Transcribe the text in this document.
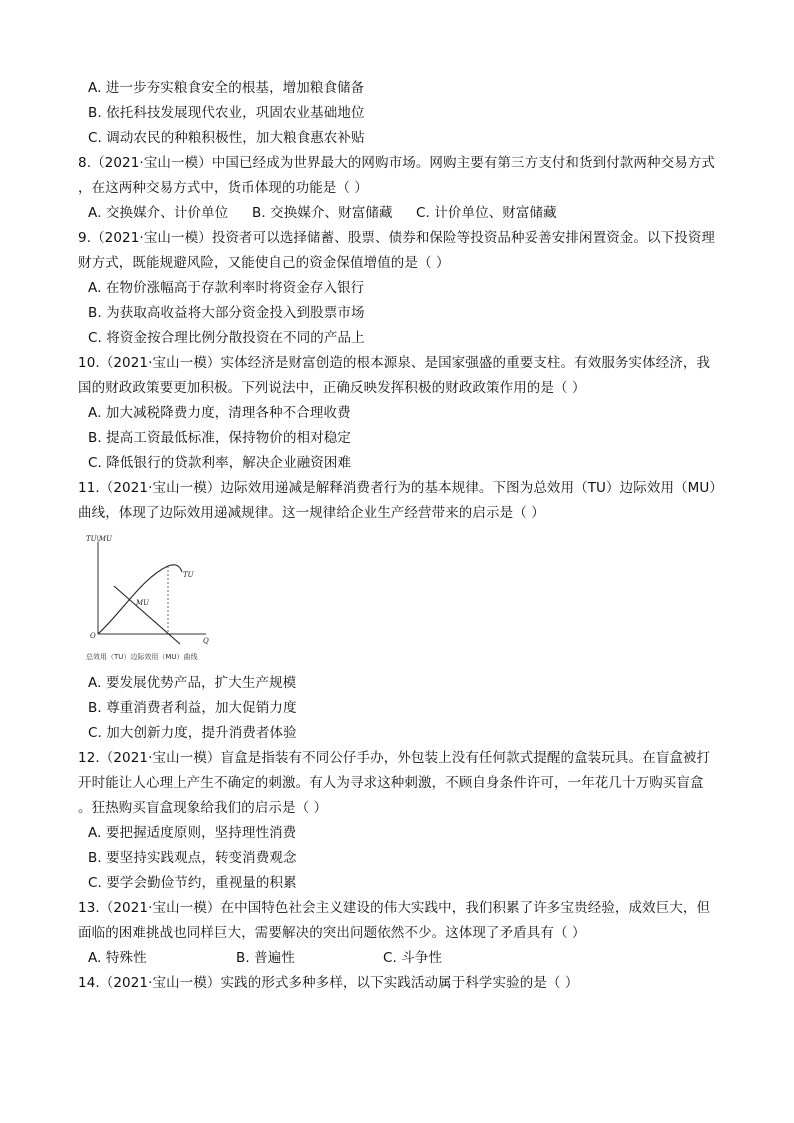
A. 进一步夯实粮食安全的根基，增加粮食储备
B. 依托科技发展现代农业，巩固农业基础地位
C. 调动农民的种粮积极性，加大粮食惠农补贴
8.（2021·宝山一模）中国已经成为世界最大的网购市场。网购主要有第三方支付和货到付款两种交易方式
，在这两种交易方式中，货币体现的功能是（ ）
A. 交换媒介、计价单位 B. 交换媒介、财富储藏 C. 计价单位、财富储藏
9.（2021·宝山一模）投资者可以选择储蓄、股票、债券和保险等投资品种妥善安排闲置资金。以下投资理
财方式，既能规避风险，又能使自己的资金保值增值的是（ ）
A. 在物价涨幅高于存款利率时将资金存入银行
B. 为获取高收益将大部分资金投入到股票市场
C. 将资金按合理比例分散投资在不同的产品上
10.（2021·宝山一模）实体经济是财富创造的根本源泉、是国家强盛的重要支柱。有效服务实体经济，我
国的财政政策要更加积极。下列说法中，正确反映发挥积极的财政政策作用的是（ ）
A. 加大减税降费力度，清理各种不合理收费
B. 提高工资最低标准，保持物价的相对稳定
C. 降低银行的贷款利率，解决企业融资困难
11.（2021·宝山一模）边际效用递减是解释消费者行为的基本规律。下图为总效用（TU）边际效用（MU）
曲线，体现了边际效用递减规律。这一规律给企业生产经营带来的启示是（ ）
TU\MU
TU
MU
O
Q
总效用（TU）边际效用（MU）曲线
A. 要发展优势产品，扩大生产规模
B. 尊重消费者利益，加大促销力度
C. 加大创新力度，提升消费者体验
12.（2021·宝山一模）盲盒是指装有不同公仔手办，外包装上没有任何款式提醒的盒装玩具。在盲盒被打
开时能让人心理上产生不确定的刺激。有人为寻求这种刺激，不顾自身条件许可，一年花几十万购买盲盒
。狂热购买盲盒现象给我们的启示是（ ）
A. 要把握适度原则，坚持理性消费
B. 要坚持实践观点，转变消费观念
C. 要学会勤俭节约，重视量的积累
13.（2021·宝山一模）在中国特色社会主义建设的伟大实践中，我们积累了许多宝贵经验，成效巨大，但
面临的困难挑战也同样巨大，需要解决的突出问题依然不少。这体现了矛盾具有（ ）
A. 特殊性	B. 普遍性	C. 斗争性
14.（2021·宝山一模）实践的形式多种多样，以下实践活动属于科学实验的是（ ）
